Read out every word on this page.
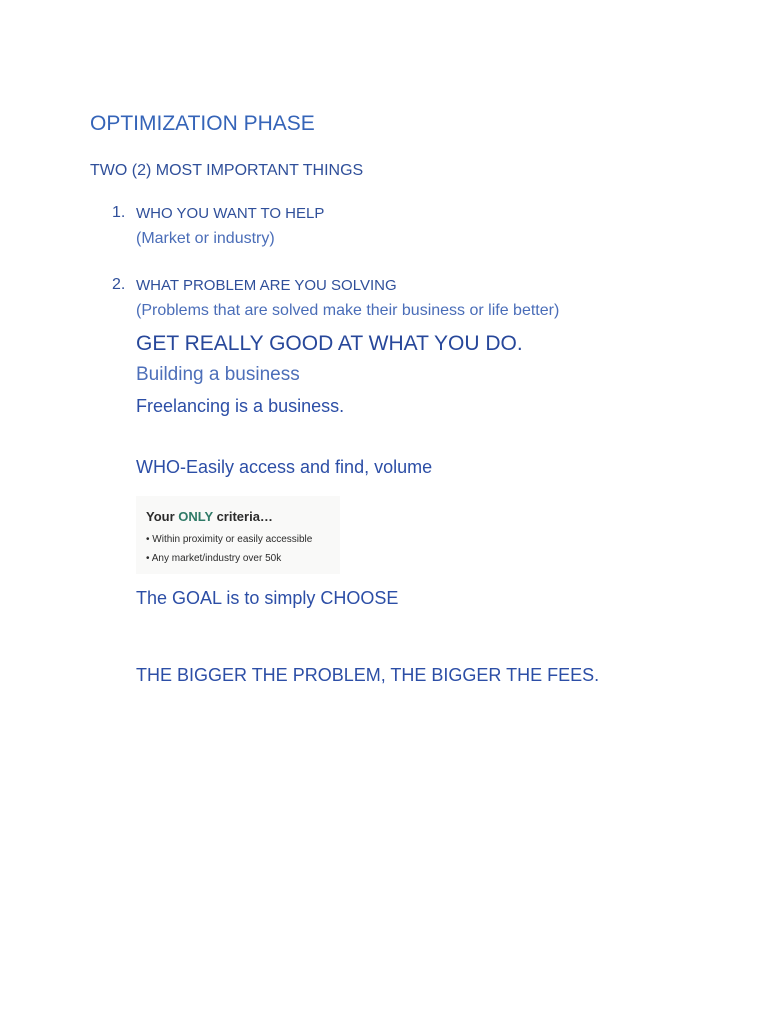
OPTIMIZATION PHASE

TWO (2) MOST IMPORTANT THINGS

1. WHO YOU WANT TO HELP

(Market or industry)

2. WHAT PROBLEM ARE YOU SOLVING

(Problems that are solved make their business or life better)

GET REALLY GOOD AT WHAT YOU DO.

Building a business

Freelancing is a business.

WHO-Easily access and find, volume

Your ONLY criteria…
• Within proximity or easily accessible
• Any market/industry over 50k

The GOAL is to simply CHOOSE

THE BIGGER THE PROBLEM, THE BIGGER THE FEES.
